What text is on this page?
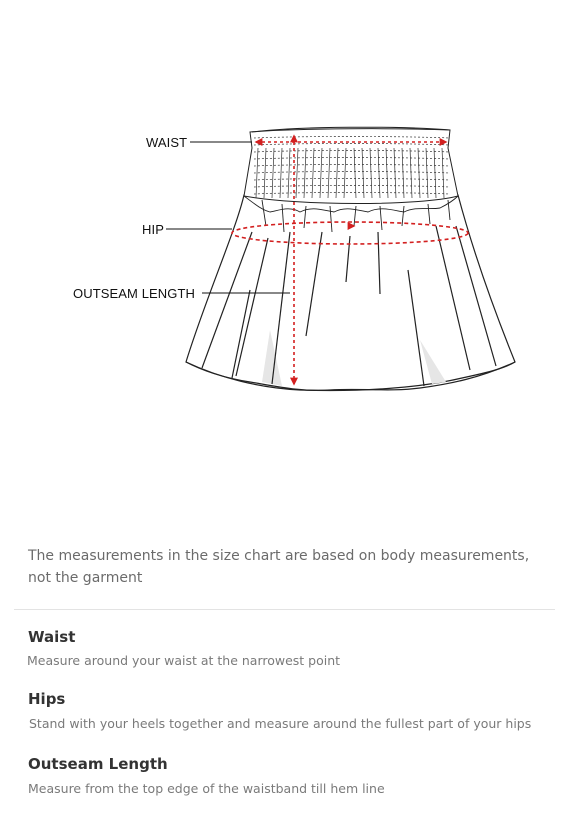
WAIST
HIP
OUTSEAM LENGTH
The measurements in the size chart are based on body measurements, not the garment
Waist
Measure around your waist at the narrowest point
Hips
Stand with your heels together and measure around the fullest part of your hips
Outseam Length
Measure from the top edge of the waistband till hem line
